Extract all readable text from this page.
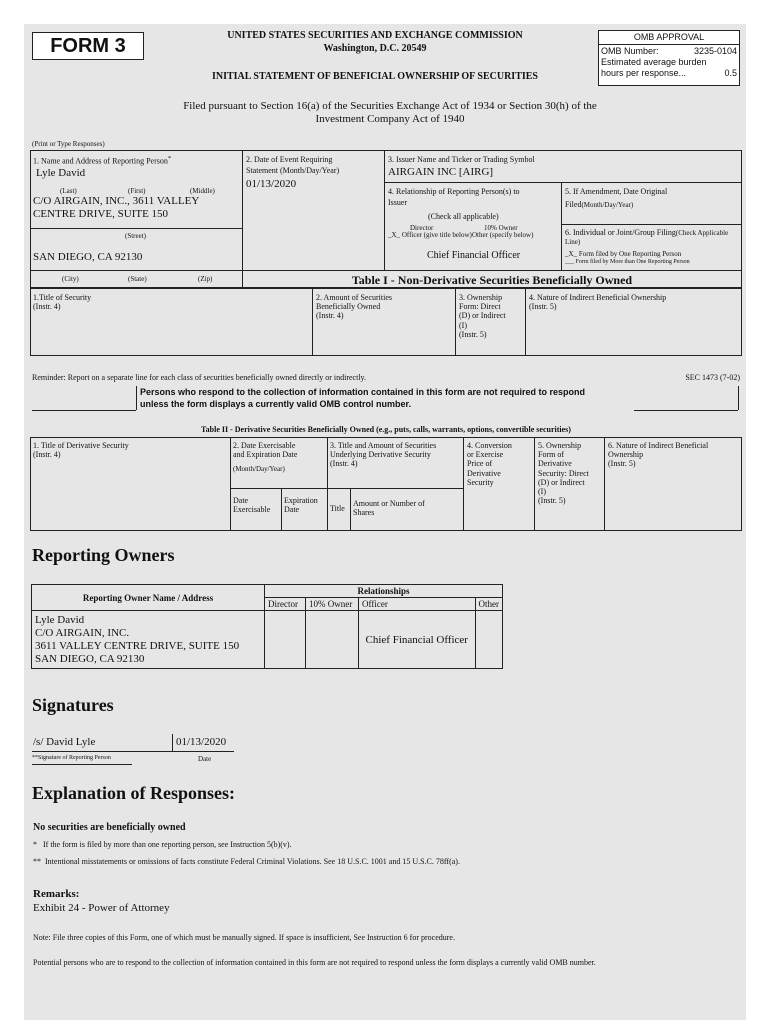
FORM 3	UNITED STATES SECURITIES AND EXCHANGE COMMISSION
Washington, D.C. 20549
INITIAL STATEMENT OF BENEFICIAL OWNERSHIP OF SECURITIES
OMB APPROVAL
OMB Number:	3235-0104
Estimated average burden
hours per response...	0.5
Filed pursuant to Section 16(a) of the Securities Exchange Act of 1934 or Section 30(h) of the
Investment Company Act of 1940
(Print or Type Responses)
1. Name and Address of Reporting Person*
Lyle David
(Last)	(First)	(Middle)
C/O AIRGAIN, INC., 3611 VALLEY
CENTRE DRIVE, SUITE 150
(Street)
SAN DIEGO, CA 92130
(City)	(State)	(Zip)
2. Date of Event Requiring
Statement (Month/Day/Year)
01/13/2020
3. Issuer Name and Ticker or Trading Symbol
AIRGAIN INC [AIRG]
4. Relationship of Reporting Person(s) to
Issuer
(Check all applicable)
Director	10% Owner
_X_ Officer (give title below) Other (specify below)
Chief Financial Officer
5. If Amendment, Date Original
Filed(Month/Day/Year)
6. Individual or Joint/Group Filing(Check Applicable Line)
_X_ Form filed by One Reporting Person
___ Form filed by More than One Reporting Person
Table I - Non-Derivative Securities Beneficially Owned
1.Title of Security
(Instr. 4)
2. Amount of Securities
Beneficially Owned
(Instr. 4)
3. Ownership
Form: Direct
(D) or Indirect
(I)
(Instr. 5)
4. Nature of Indirect Beneficial Ownership
(Instr. 5)
Reminder: Report on a separate line for each class of securities beneficially owned directly or indirectly.	SEC 1473 (7-02)
Persons who respond to the collection of information contained in this form are not required to respond
unless the form displays a currently valid OMB control number.
Table II - Derivative Securities Beneficially Owned (e.g., puts, calls, warrants, options, convertible securities)
1. Title of Derivative Security
(Instr. 4)
2. Date Exercisable
and Expiration Date
(Month/Day/Year)
Date
Exercisable
Expiration
Date
3. Title and Amount of Securities
Underlying Derivative Security
(Instr. 4)
Title
Amount or Number of
Shares
4. Conversion
or Exercise
Price of
Derivative
Security
5. Ownership
Form of
Derivative
Security: Direct
(D) or Indirect
(I)
(Instr. 5)
6. Nature of Indirect Beneficial
Ownership
(Instr. 5)
Reporting Owners
Reporting Owner Name / Address	Relationships			
	Director	10% Owner	Officer	Other

Lyle David
C/O AIRGAIN, INC.
3611 VALLEY CENTRE DRIVE, SUITE 150
SAN DIEGO, CA 92130			Chief Financial Officer	
Signatures
/s/ David Lyle	01/13/2020
**Signature of Reporting Person	Date
Explanation of Responses:
No securities are beneficially owned
* If the form is filed by more than one reporting person, see Instruction 5(b)(v).
** Intentional misstatements or omissions of facts constitute Federal Criminal Violations. See 18 U.S.C. 1001 and 15 U.S.C. 78ff(a).
Remarks:
Exhibit 24 - Power of Attorney
Note: File three copies of this Form, one of which must be manually signed. If space is insufficient, See Instruction 6 for procedure.
Potential persons who are to respond to the collection of information contained in this form are not required to respond unless the form displays a currently valid OMB number.
